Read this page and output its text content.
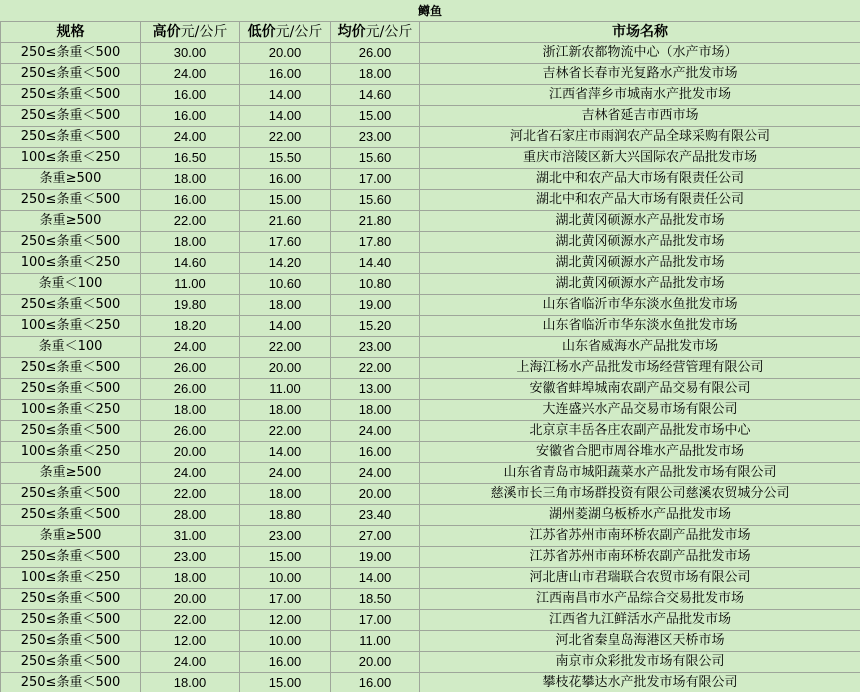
鳟鱼
规格	高价元/公斤	低价元/公斤	均价元/公斤	市场名称
250≤条重＜500	30.00	20.00	26.00	浙江新农都物流中心（水产市场）
250≤条重＜500	24.00	16.00	18.00	吉林省长春市光复路水产批发市场
250≤条重＜500	16.00	14.00	14.60	江西省萍乡市城南水产批发市场
250≤条重＜500	16.00	14.00	15.00	吉林省延吉市西市场
250≤条重＜500	24.00	22.00	23.00	河北省石家庄市雨润农产品全球采购有限公司
100≤条重＜250	16.50	15.50	15.60	重庆市涪陵区新大兴国际农产品批发市场
条重≥500	18.00	16.00	17.00	湖北中和农产品大市场有限责任公司
250≤条重＜500	16.00	15.00	15.60	湖北中和农产品大市场有限责任公司
条重≥500	22.00	21.60	21.80	湖北黄冈硕源水产品批发市场
250≤条重＜500	18.00	17.60	17.80	湖北黄冈硕源水产品批发市场
100≤条重＜250	14.60	14.20	14.40	湖北黄冈硕源水产品批发市场
条重＜100	11.00	10.60	10.80	湖北黄冈硕源水产品批发市场
250≤条重＜500	19.80	18.00	19.00	山东省临沂市华东淡水鱼批发市场
100≤条重＜250	18.20	14.00	15.20	山东省临沂市华东淡水鱼批发市场
条重＜100	24.00	22.00	23.00	山东省威海水产品批发市场
250≤条重＜500	26.00	20.00	22.00	上海江杨水产品批发市场经营管理有限公司
250≤条重＜500	26.00	11.00	13.00	安徽省蚌埠城南农副产品交易有限公司
100≤条重＜250	18.00	18.00	18.00	大连盛兴水产品交易市场有限公司
250≤条重＜500	26.00	22.00	24.00	北京京丰岳各庄农副产品批发市场中心
100≤条重＜250	20.00	14.00	16.00	安徽省合肥市周谷堆水产品批发市场
条重≥500	24.00	24.00	24.00	山东省青岛市城阳蔬菜水产品批发市场有限公司
250≤条重＜500	22.00	18.00	20.00	慈溪市长三角市场群投资有限公司慈溪农贸城分公司
250≤条重＜500	28.00	18.80	23.40	湖州菱湖乌板桥水产品批发市场
条重≥500	31.00	23.00	27.00	江苏省苏州市南环桥农副产品批发市场
250≤条重＜500	23.00	15.00	19.00	江苏省苏州市南环桥农副产品批发市场
100≤条重＜250	18.00	10.00	14.00	河北唐山市君瑞联合农贸市场有限公司
250≤条重＜500	20.00	17.00	18.50	江西南昌市水产品综合交易批发市场
250≤条重＜500	22.00	12.00	17.00	江西省九江鲜活水产品批发市场
250≤条重＜500	12.00	10.00	11.00	河北省秦皇岛海港区天桥市场
250≤条重＜500	24.00	16.00	20.00	南京市众彩批发市场有限公司
250≤条重＜500	18.00	15.00	16.00	攀枝花攀达水产批发市场有限公司
